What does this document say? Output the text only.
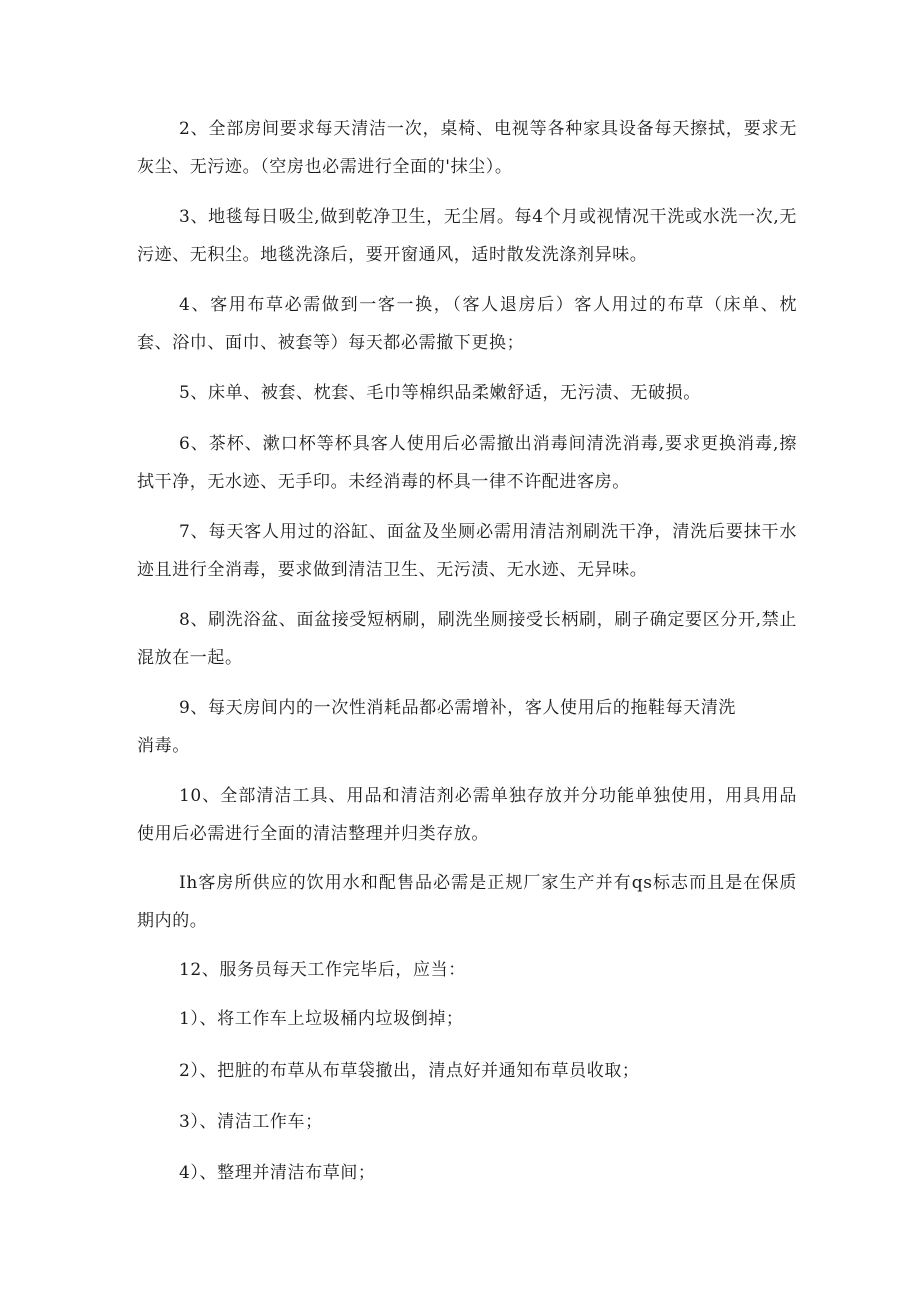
2、全部房间要求每天清洁一次，桌椅、电视等各种家具设备每天擦拭，要求无灰尘、无污迹。（空房也必需进行全面的'抹尘）。

3、地毯每日吸尘,做到乾净卫生，无尘屑。每4个月或视情况干洗或水洗一次,无污迹、无积尘。地毯洗涤后，要开窗通风，适时散发洗涤剂异味。

4、客用布草必需做到一客一换，（客人退房后）客人用过的布草（床单、枕套、浴巾、面巾、被套等）每天都必需撤下更换；

5、床单、被套、枕套、毛巾等棉织品柔嫩舒适，无污渍、无破损。

6、茶杯、漱口杯等杯具客人使用后必需撤出消毒间清洗消毒,要求更换消毒,擦拭干净，无水迹、无手印。未经消毒的杯具一律不许配进客房。

7、每天客人用过的浴缸、面盆及坐厕必需用清洁剂刷洗干净，清洗后要抹干水迹且进行全消毒，要求做到清洁卫生、无污渍、无水迹、无异味。

8、刷洗浴盆、面盆接受短柄刷，刷洗坐厕接受长柄刷，刷子确定要区分开,禁止混放在一起。

9、每天房间内的一次性消耗品都必需增补，客人使用后的拖鞋每天清洗消毒。

10、全部清洁工具、用品和清洁剂必需单独存放并分功能单独使用，用具用品使用后必需进行全面的清洁整理并归类存放。

Ih客房所供应的饮用水和配售品必需是正规厂家生产并有qs标志而且是在保质期内的。

12、服务员每天工作完毕后，应当：

1）、将工作车上垃圾桶内垃圾倒掉；

2）、把脏的布草从布草袋撤出，清点好并通知布草员收取；

3）、清洁工作车；

4）、整理并清洁布草间；
